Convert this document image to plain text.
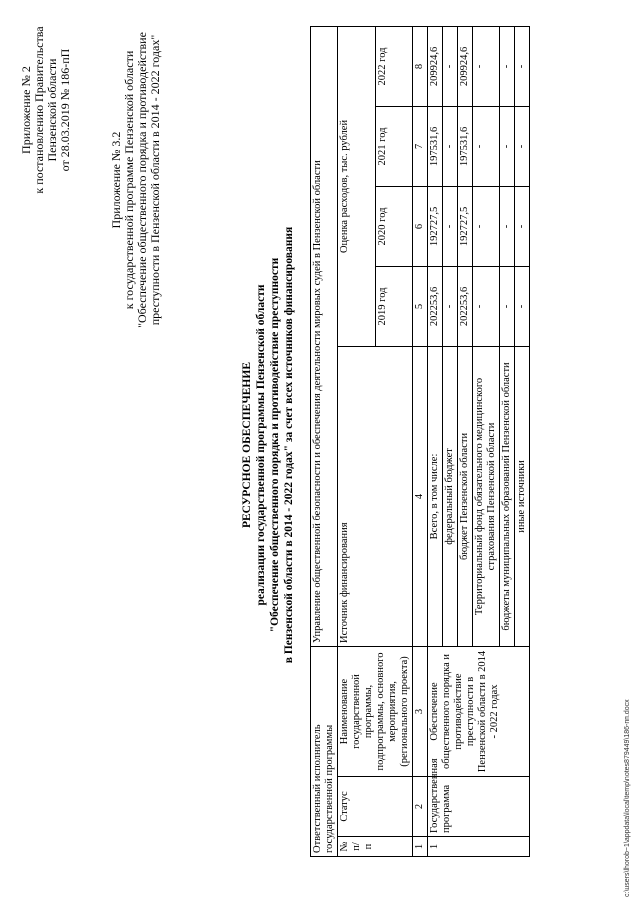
Приложение № 2 к постановлению Правительства Пензенской области от 28.03.2019 № 186-пП
Приложение № 3.2 к государственной программе Пензенской области "Обеспечение общественного порядка и противодействие преступности в Пензенской области в 2014 - 2022 годах"
РЕСУРСНОЕ ОБЕСПЕЧЕНИЕ реализации государственной программы Пензенской области "Обеспечение общественного порядка и противодействие преступности в Пензенской области в 2014 - 2022 годах" за счет всех источников финансирования
Ответственный исполнитель государственной программы			Управление общественной безопасности и обеспечения деятельности мировых судей в Пензенской области				
№ п/п	Статус	Наименование государственной программы, подпрограммы, основного мероприятия, (регионального проекта)	Источник финансирования	Оценка расходов, тыс. рублей			
				2019 год	2020 год	2021 год	2022 год
1	2	3	4	5	6	7	8
1	Государственная программа	Обеспечение общественного порядка и противодействие преступности в Пензенской области в 2014 - 2022 годах	Всего, в том числе:	202253,6	192727,5	197531,6	209924,6
			федеральный бюджет	-	-	-	-
			бюджет Пензенской области	202253,6	192727,5	197531,6	209924,6
			Территориальный фонд обязательного медицинского страхования Пензенской области	-	-	-	-
			бюджеты муниципальных образований Пензенской области	-	-	-	-
			иные источники	-	-	-	-
c:\users\lhorob~1\appdata\local\temp\notes879449\186-пп.docx
